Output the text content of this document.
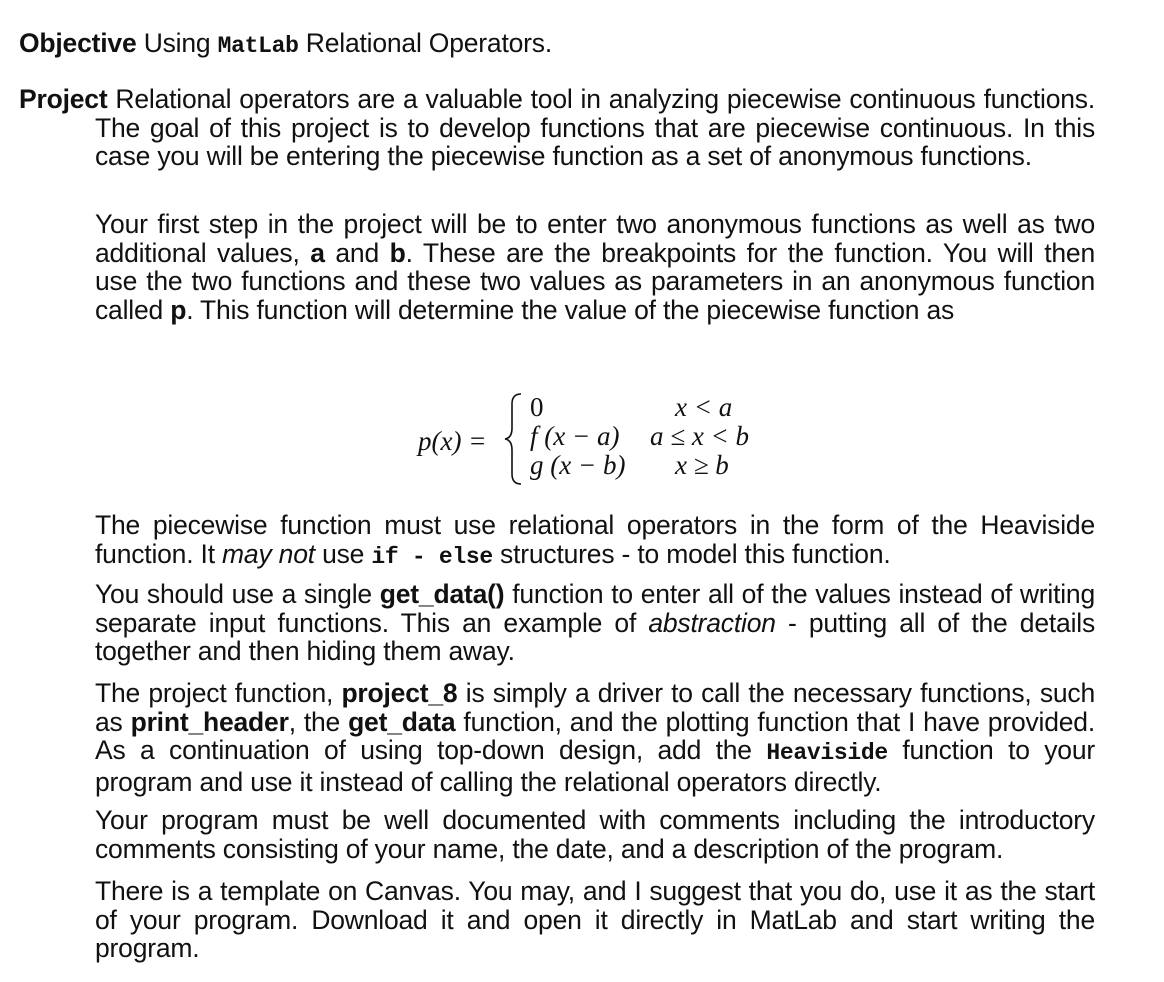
Objective Using MatLab Relational Operators.
Project Relational operators are a valuable tool in analyzing piecewise continuous functions. The goal of this project is to develop functions that are piecewise continuous. In this case you will be entering the piecewise function as a set of anonymous functions.
Your first step in the project will be to enter two anonymous functions as well as two additional values, a and b. These are the breakpoints for the function. You will then use the two functions and these two values as parameters in an anonymous function called p. This function will determine the value of the piecewise function as
p(x) =
0	x < a
f (x − a) a ≤ x < b
g (x − b) x ≥ b
The piecewise function must use relational operators in the form of the Heaviside function. It may not use if - else structures - to model this function.
You should use a single get_data() function to enter all of the values instead of writing separate input functions. This an example of abstraction - putting all of the details together and then hiding them away.
The project function, project_8 is simply a driver to call the necessary functions, such as print_header, the get_data function, and the plotting function that I have provided. As a continuation of using top-down design, add the Heaviside function to your program and use it instead of calling the relational operators directly.
Your program must be well documented with comments including the introductory comments consisting of your name, the date, and a description of the program.
There is a template on Canvas. You may, and I suggest that you do, use it as the start of your program. Download it and open it directly in MatLab and start writing the program.
